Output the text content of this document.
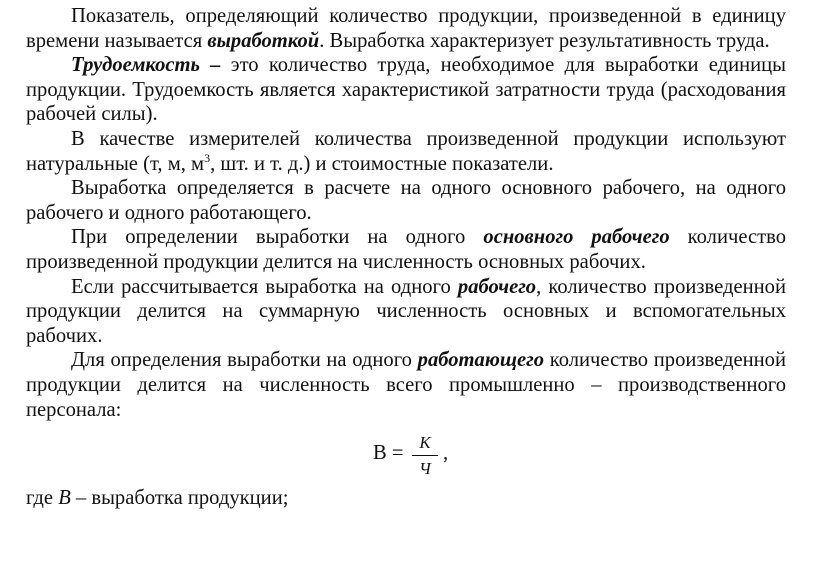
Показатель, определяющий количество продукции, произведенной в единицу времени называется выработкой. Выработка характеризует результативность труда.

Трудоемкость – это количество труда, необходимое для выработки единицы продукции. Трудоемкость является характеристикой затратности труда (расходования рабочей силы).

В качестве измерителей количества произведенной продукции используют натуральные (т, м, $м^3$, шт. и т. д.) и стоимостные показатели.

Выработка определяется в расчете на одного основного рабочего, на одного рабочего и одного работающего.

При определении выработки на одного основного рабочего количество произведенной продукции делится на численность основных рабочих.

Если рассчитывается выработка на одного рабочего, количество произведенной продукции делится на суммарную численность основных и вспомогательных рабочих.

Для определения выработки на одного работающего количество произведенной продукции делится на численность всего промышленно – производственного персонала:

В = К
Ч
,

где В – выработка продукции;
